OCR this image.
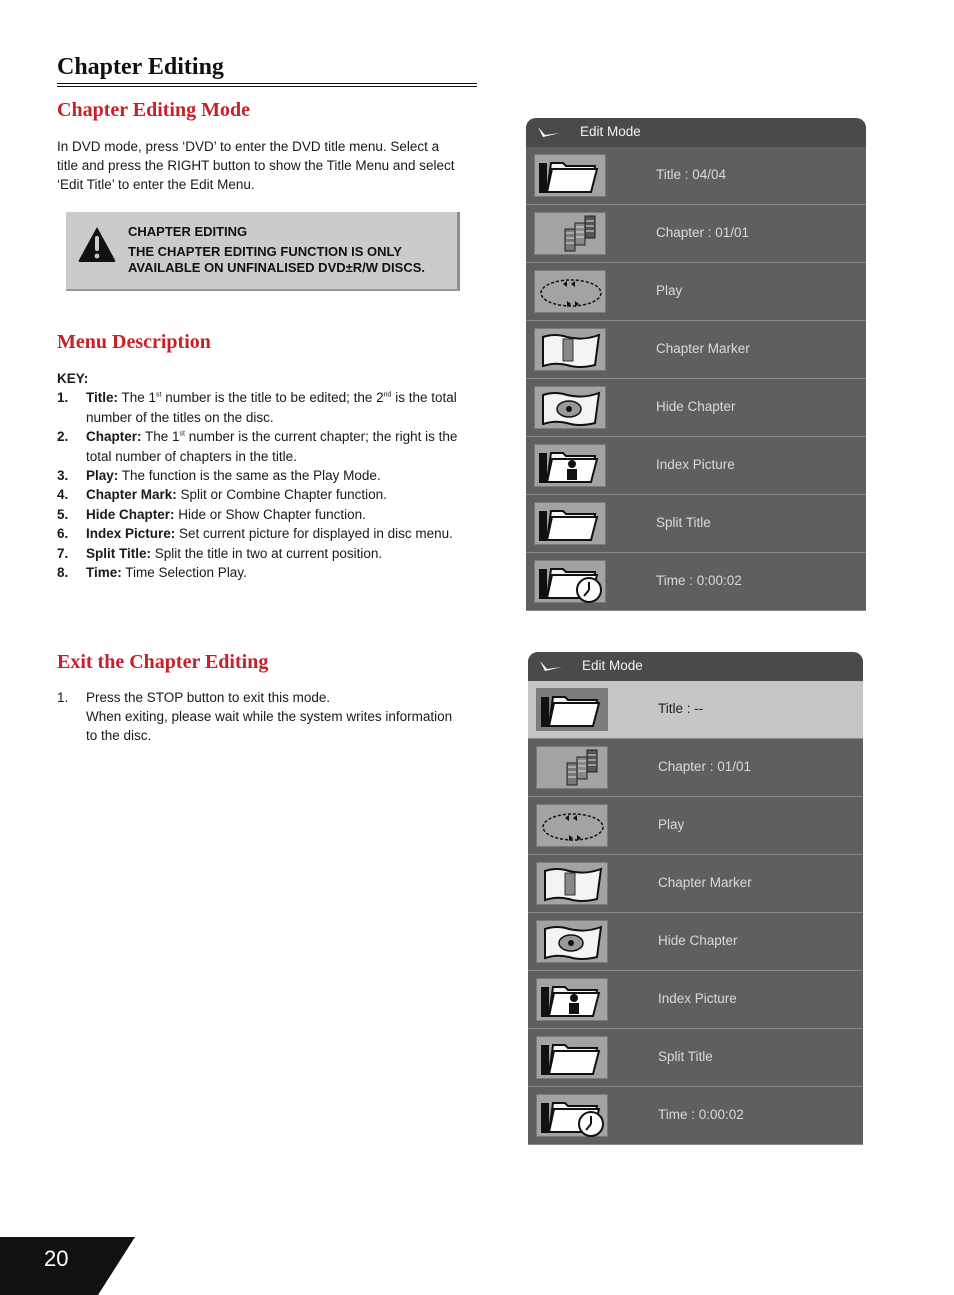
Chapter Editing
Chapter Editing Mode

In DVD mode, press ‘DVD’ to enter the DVD title menu. Select a
title and press the RIGHT button to show the Title Menu and select
‘Edit Title’ to enter the Edit Menu.

CHAPTER EDITING
THE CHAPTER EDITING FUNCTION IS ONLY
AVAILABLE ON UNFINALISED DVD±R/W DISCS.
Menu Description
KEY:
1.	Title: The 1st number is the title to be edited; the 2nd is the total
number of the titles on the disc.
2.	Chapter: The 1st number is the current chapter; the right is the
total number of chapters in the title.
3.	Play: The function is the same as the Play Mode.
4.	Chapter Mark: Split or Combine Chapter function.
5.	Hide Chapter: Hide or Show Chapter function.
6.	Index Picture: Set current picture for displayed in disc menu.
7.	Split Title: Split the title in two at current position.
8.	Time: Time Selection Play.
Exit the Chapter Editing
1.	Press the STOP button to exit this mode.
When exiting, please wait while the system writes information
to the disc.
Edit Mode
Title : 04/04
Chapter : 01/01
Play
Chapter Marker
Hide Chapter
Index Picture
Split Title
Time : 0:00:02
Edit Mode
Title : --
Chapter : 01/01
Play
Chapter Marker
Hide Chapter
Index Picture
Split Title
Time : 0:00:02
20
